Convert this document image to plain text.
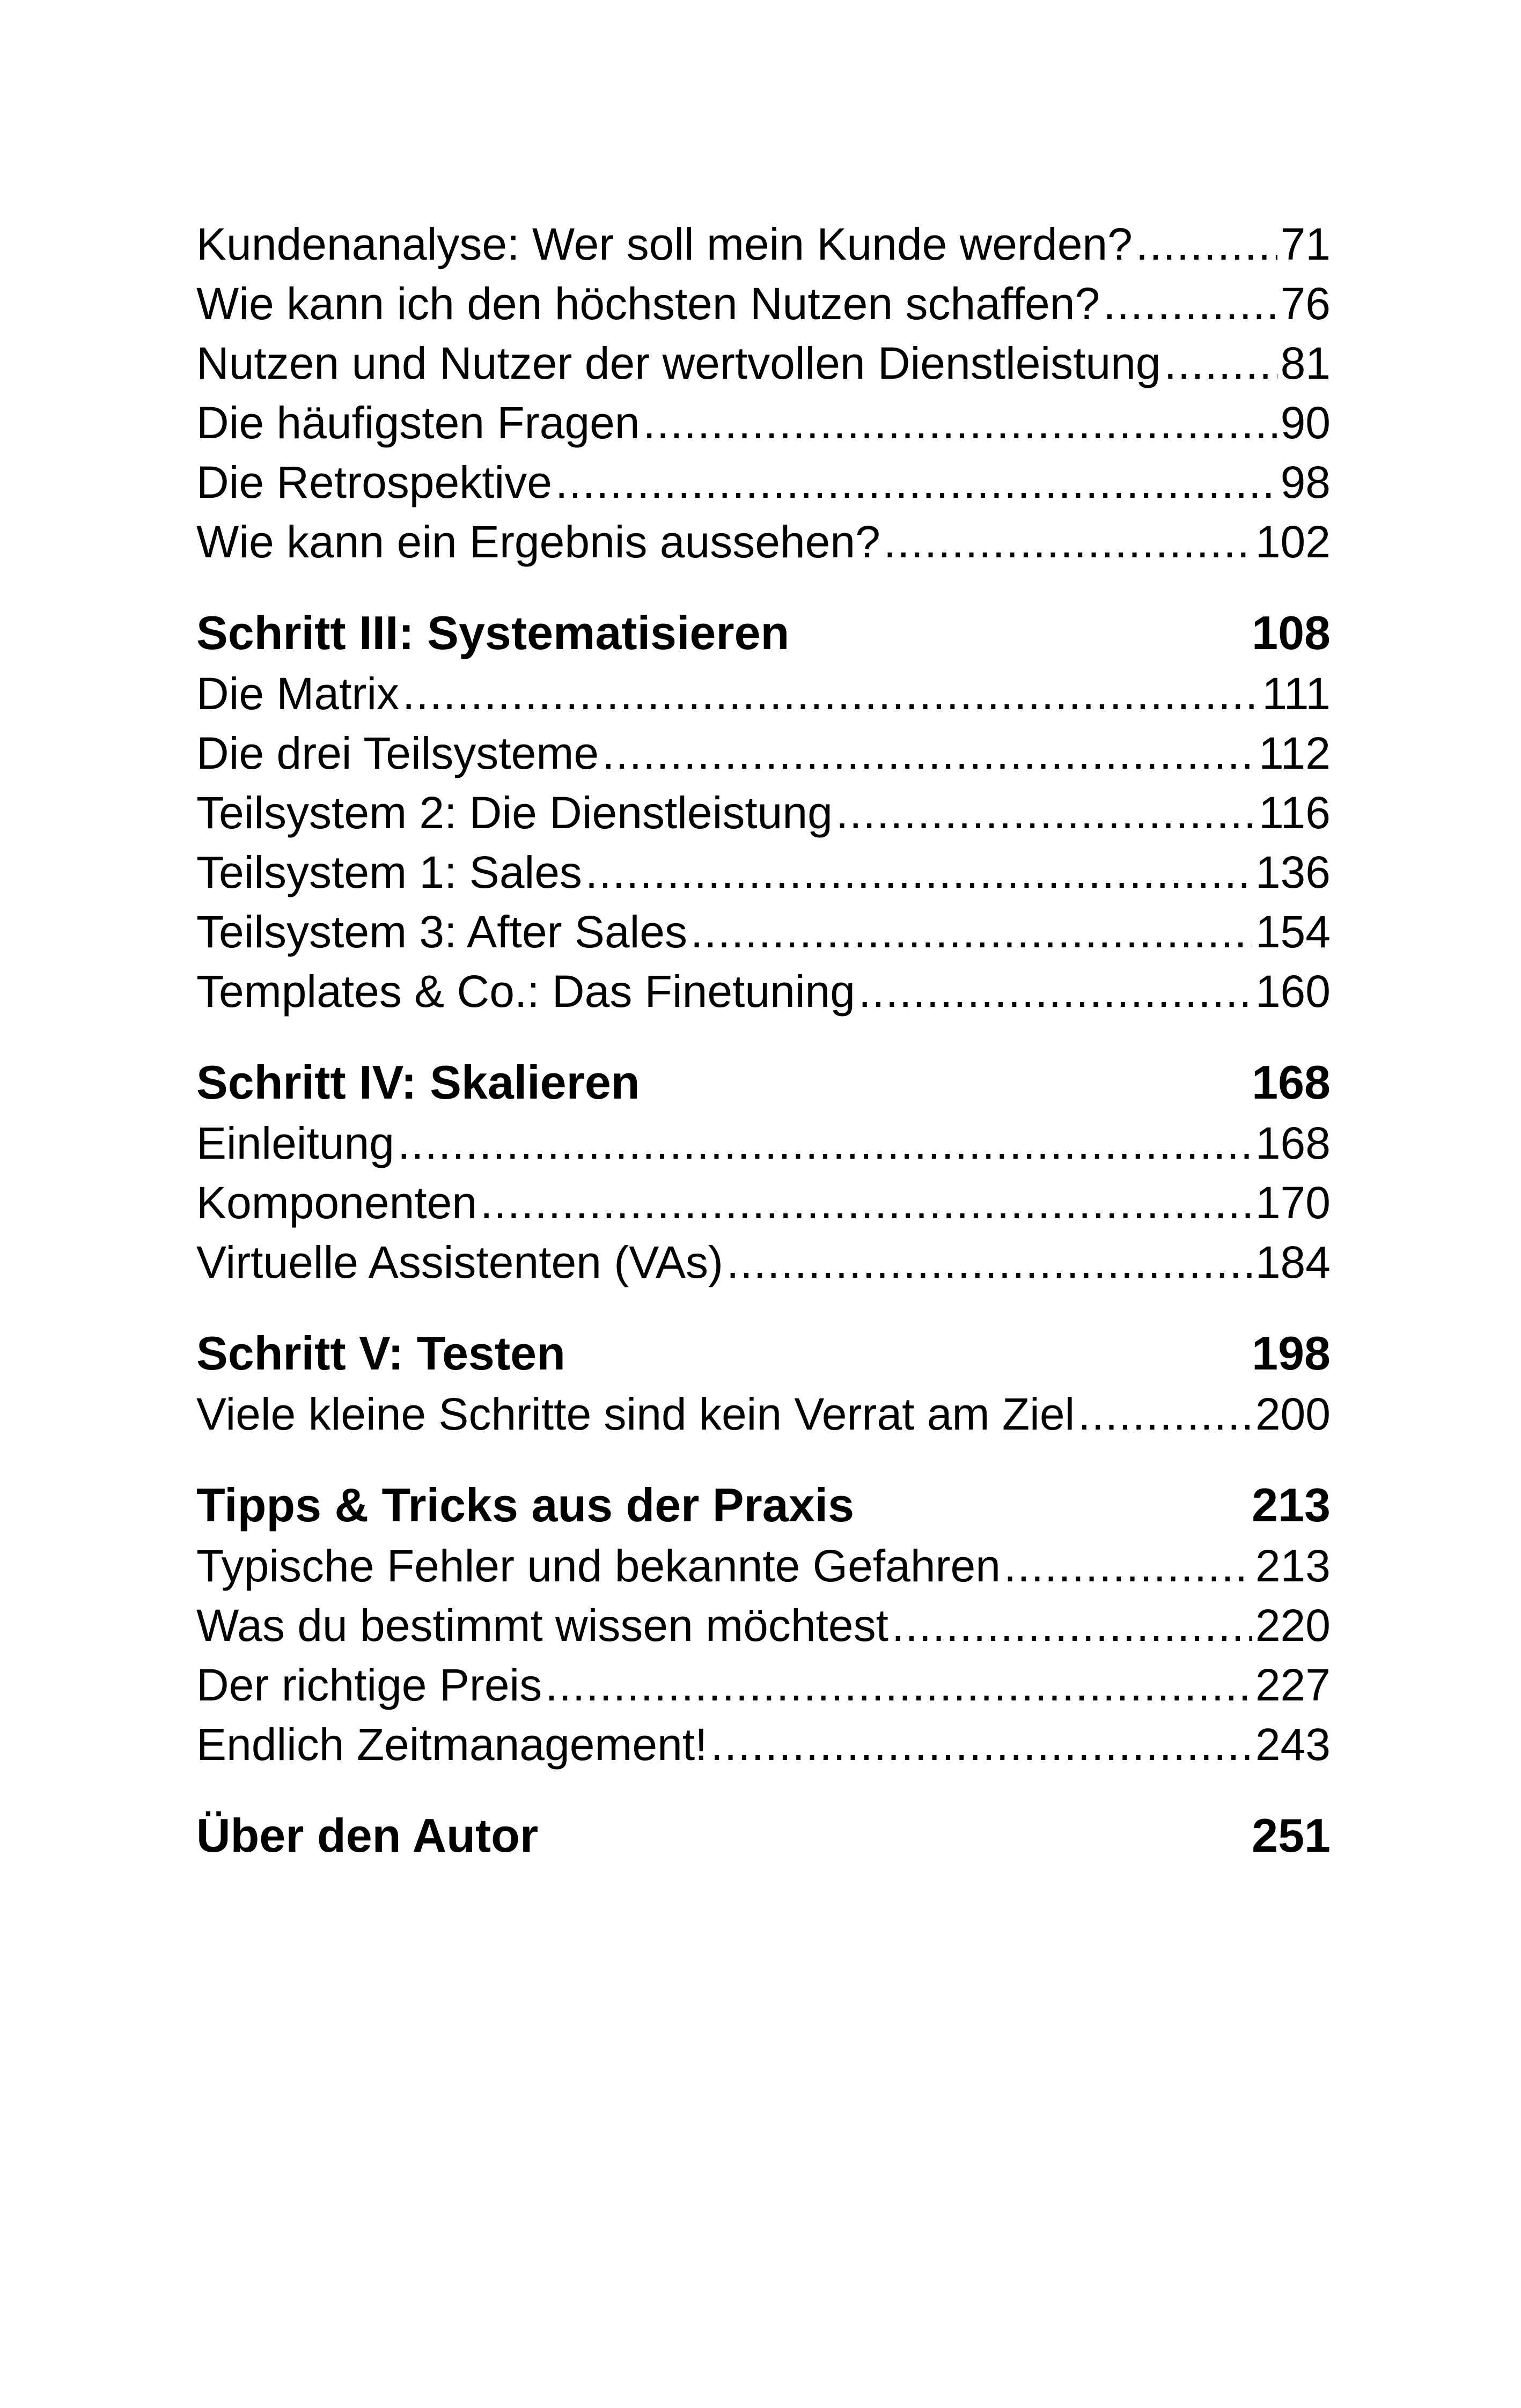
Kundenanalyse: Wer soll mein Kunde werden? .....	71
Wie kann ich den höchsten Nutzen schaffen? .....	76
Nutzen und Nutzer der wertvollen Dienstleistung .....	81
Die häufigsten Fragen .....	90
Die Retrospektive .....	98
Wie kann ein Ergebnis aussehen? .....	102
Schritt III: Systematisieren	108
Die Matrix .....	111
Die drei Teilsysteme .....	112
Teilsystem 2: Die Dienstleistung .....	116
Teilsystem 1: Sales .....	136
Teilsystem 3: After Sales .....	154
Templates & Co.: Das Finetuning .....	160
Schritt IV: Skalieren	168
Einleitung .....	168
Komponenten .....	170
Virtuelle Assistenten (VAs) .....	184
Schritt V: Testen	198
Viele kleine Schritte sind kein Verrat am Ziel .....	200
Tipps & Tricks aus der Praxis	213
Typische Fehler und bekannte Gefahren .....	213
Was du bestimmt wissen möchtest .....	220
Der richtige Preis .....	227
Endlich Zeitmanagement! .....	243
Über den Autor	251
